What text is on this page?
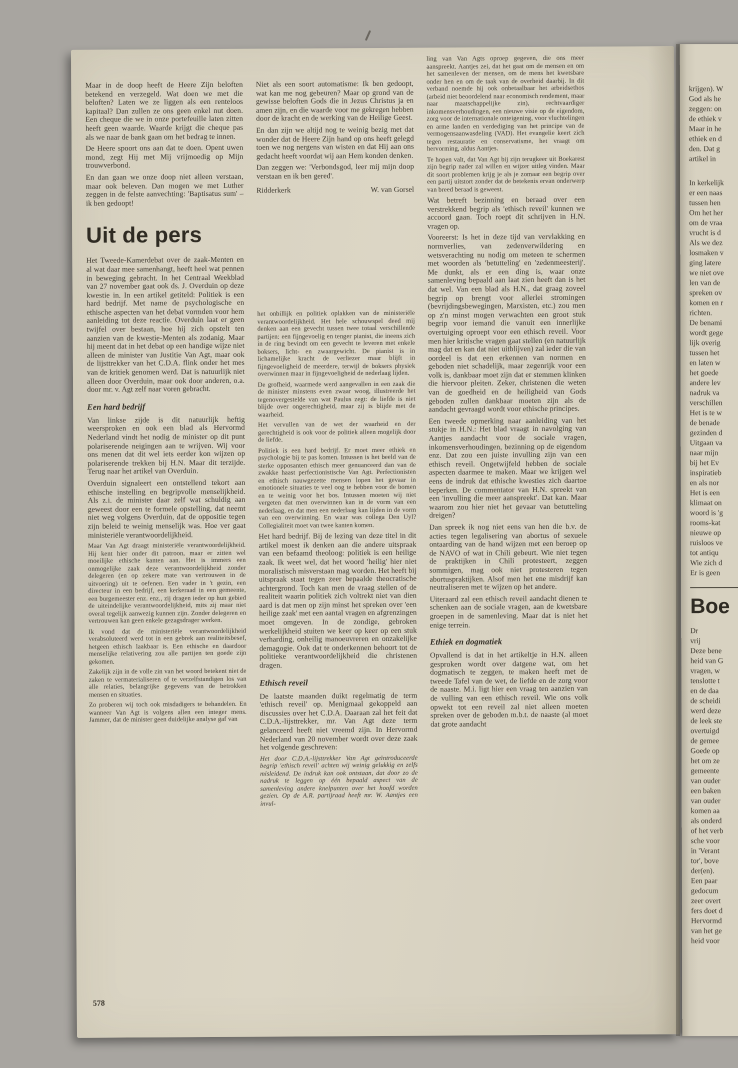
Maar in de doop heeft de Heere Zijn beloften betekend en verzegeld. Wat doen we met die beloften? Laten we ze liggen als een renteloos kapitaal? Dan zullen ze ons geen enkel nut doen. Een cheque die we in onze portefeuille laten zitten heeft geen waarde. Waarde krijgt die cheque pas als we naar de bank gaan om het bedrag te innen.

De Heere spoort ons aan dat te doen. Opent uwen mond, zegt Hij met Mij vrijmoedig op Mijn trouwverbond.

En dan gaan we onze doop niet alleen verstaan, maar ook beleven. Dan mogen we met Luther zeggen in de felste aanvechting: 'Baptisatus sum' – ik ben gedoopt!

Uit de pers

Het Tweede-Kamerdebat over de zaak-Menten en al wat daar mee samenhangt, heeft heel wat pennen in beweging gebracht. In het Centraal Weekblad van 27 november gaat ook ds. J. Overduin op deze kwestie in. In een artikel getiteld: Politiek is een hard bedrijf. Met name de psychologische en ethische aspecten van het debat vormden voor hem aanleiding tot deze reactie. Overduin laat er geen twijfel over bestaan, hoe hij zich opstelt ten aanzien van de kwestie-Menten als zodanig. Maar hij meent dat in het debat op een handige wijze niet alleen de minister van Justitie Van Agt, maar ook de lijsttrekker van het C.D.A. flink onder het mes van de kritiek genomen werd. Dat is natuurlijk niet alleen door Overduin, maar ook door anderen, o.a. door mr. v. Agt zelf naar voren gebracht.

Een hard bedrijf

Van linkse zijde is dit natuurlijk heftig weersproken en ook een blad als Hervormd Nederland vindt het nodig de minister op dit punt polariserende neigingen aan te wrijven. Wij voor ons menen dat dit wel iets eerder kon wijzen op polariserende trekken bij H.N. Maar dit terzijde. Terug naar het artikel van Overduin.

Overduin signaleert een ontstellend tekort aan ethische instelling en begripvolle menselijkheid. Als z.i. de minister daar zelf wat schuldig aan geweest door een te formele opstelling, dat neemt niet weg volgens Overduin, dat de oppositie tegen zijn beleid te weinig menselijk was. Hoe ver gaat ministeriële verantwoordelijkheid.

Maar Van Agt draagt ministeriële verantwoordelijkheid. Hij kent hier onder dit patroon, maar er zitten wel moeilijke ethische kanten aan. Het is immers een onmogelijke zaak deze verantwoordelijkheid zonder delegeren (en op zekere mate van vertrouwen in de uitvoering) uit te oefenen. Een vader in 't gezin, een directeur in een bedrijf, een kerkeraad in een gemeente, een burgemeester enz. enz., zij dragen ieder op hun gebied de uiteindelijke verantwoordelijkheid, mits zij maar niet overal tegelijk aanwezig kunnen zijn. Zonder delegeren en vertrouwen kan geen enkele gezagsdrager werken.

Ik vond dat de ministeriële verantwoordelijkheid verabsoluteerd werd tot in een gebrek aan realiteitsbesef, hetgeen ethisch laakbaar is. Een ethische en daardoor menselijke relativering zou alle partijen ten goede zijn gekomen.

Zakelijk zijn in de volle zin van het woord betekent niet de zaken te vermaterialiseren of te verzelfstandigen los van alle relaties, belangrijke gegevens van de betrokken mensen en situaties.

Zo proberen wij toch ook misdadigers te behandelen. En wanneer Van Agt is volgens allen een integer mens. Jammer, dat de minister geen duidelijke analyse gaf van

Niet als een soort automatisme: Ik ben gedoopt, wat kan me nog gebeuren? Maar op grond van de gewisse beloften Gods die in Jezus Christus ja en amen zijn, en die waarde voor me gekregen hebben door de kracht en de werking van de Heilige Geest.

En dan zijn we altijd nog te weinig bezig met dat wonder dat de Heere Zijn hand op ons heeft gelegd toen we nog nergens van wisten en dat Hij aan ons gedacht heeft voordat wij aan Hem konden denken.

Dan zeggen we: 'Verbondsgod, leer mij mijn doop verstaan en ik ben gered'.

Ridderkerk	W. van Gorsel

het onbillijk en politiek oplakken van de ministeriële verantwoordelijkheid. Het hele schouwspel deed mij denken aan een gevecht tussen twee totaal verschillende partijen: een fijngevoelig en tenger pianist, die ineens zich in de ring bevindt om een gevecht te leveren met enkele boksers, licht- en zwaargewicht. De pianist is in lichamelijke kracht de verliezer maar blijft in fijngevoeligheid de meerdere, terwijl de boksers physiek overwinnen maar in fijngevoeligheid de nederlaag lijden.

De grofheid, waarmede werd aangevallen in een zaak die de minister minstens even zwaar woog, illustreerde het tegenovergestelde van wat Paulus zegt: de liefde is niet blijde over ongerechtigheid, maar zij is blijde met de waarheid.

Het vervullen van de wet der waarheid en der gerechtigheid is ook voor de politiek alleen mogelijk door de liefde.

Politiek is een hard bedrijf. Er moet meer ethiek en psychologie bij te pas komen. Intussen is het beeld van de sterke opposanten ethisch meer genuanceerd dan van de zwakke haast perfectionistische Van Agt. Perfectionisten en ethisch nauwgezette mensen lopen het gevaar in emotionele situaties te veel oog te hebben voor de bomen en te weinig voor het bos. Intussen moeten wij niet vergeten dat men overwinnen kan in de vorm van een nederlaag, en dat men een nederlaag kan lijden in de vorm van een overwinning. En waar was collega Den Uyl? Collegialiteit moet van twee kanten komen.

Het hard bedrijf. Bij de lezing van deze titel in dit artikel moest ik denken aan die andere uitspraak van een befaamd theoloog: politiek is een heilige zaak. Ik weet wel, dat het woord 'heilig' hier niet moralistisch misverstaan mag worden. Het heeft bij uitspraak staat tegen zeer bepaalde theocratische achtergrond. Toch kan men de vraag stellen of de realiteit waarin politiek zich voltrekt niet van dien aard is dat men op zijn minst het spreken over 'een heilige zaak' met een aantal vragen en afgrenzingen moet omgeven. In de zondige, gebroken werkelijkheid stuiten we keer op keer op een stuk verharding, onheilig manoeuvreren en onzakelijke demagogie. Ook dat te onderkennen behoort tot de politieke verantwoordelijkheid die christenen dragen.

Ethisch reveil

De laatste maanden duikt regelmatig de term 'ethisch reveil' op. Menigmaal gekoppeld aan discussies over het C.D.A. Daaraan zal het feit dat C.D.A.-lijsttrekker, mr. Van Agt deze term gelanceerd heeft niet vreemd zijn. In Hervormd Nederland van 20 november wordt over deze zaak het volgende geschreven:

Het door C.D.A.-lijsttrekker Van Agt geïntroduceerde begrip 'ethisch reveil' achten wij weinig gelukkig en zelfs misleidend. De indruk kan ook ontstaan, dat door zo de nadruk te leggen op één bepaald aspect van de samenleving andere knelpunten over het hoofd worden gezien. Op de A.R. partijraad heeft mr. W. Aantjes een invul-

ling van Van Agts oproep gegeven, die ons meer aanspreekt. Aantjes zei, dat het gaat om de mensen en om het samenleven der mensen, om de mens het kwetsbare onder hen en om de taak van de overheid daarbij. In dit verband noemde hij ook onbetaalbaar het arbeidsethos (arbeid niet beoordelend naar economisch rendement, maar naar maatschappelijke zin), rechtvaardiger inkomensverhoudingen, een nieuwe visie op de eigendom, zorg voor de internationale onteigening, voor vluchtelingen en arme landen en verdediging van het principe van de vermogensaanwasdeling (VAD). Het evangelie keert zich tegen restauratie en conservatisme, het vraagt om hervorming, aldus Aantjes.

Te hopen valt, dat Van Agt bij zijn terugkeer uit Boekarest zijn begrip nader zal willen en wijzer uitleg vinden. Maar dit soort problemen krijg je als je zomaar een begrip over een partij uitstort zonder dat de betekenis ervan onderwerp van breed beraad is geweest.

Wat betreft bezinning en beraad over een verstrekkend begrip als 'ethisch reveil' kunnen we accoord gaan. Toch roept dit schrijven in H.N. vragen op.

Vooreerst: Is het in deze tijd van vervlakking en normverlies, van zedenverwildering en wetsverachting nu nodig om meteen te schermen met woorden als 'betutteling' en 'zedenmeesterij'. Me dunkt, als er een ding is, waar onze samenleving bepaald aan laat zien heeft dan is het dat wel. Van een blad als H.N., dat graag zoveel begrip op brengt voor allerlei stromingen (bevrijdingsbewegingen, Marxisten, etc.) zou men op z'n minst mogen verwachten een groot stuk begrip voor iemand die vanuit een innerlijke overtuiging oproept voor een ethisch reveil. Voor men hier kritische vragen gaat stellen (en natuurlijk mag dat en kan dat niet uitblijven) zal ieder die van oordeel is dat een erkennen van normen en geboden niet schadelijk, maar zegenrijk voor een volk is, dankbaar moet zijn dat er stemmen klinken die hiervoor pleiten. Zeker, christenen die weten van de goedheid en de heiligheid van Gods geboden zullen dankbaar moeten zijn als de aandacht gevraagd wordt voor ethische principes.

Een tweede opmerking naar aanleiding van het stukje in H.N.: Het blad vraagt in navolging van Aantjes aandacht voor de sociale vragen, inkomensverhoudingen, bezinning op de eigendom enz. Dat zou een juiste invulling zijn van een ethisch reveil. Ongetwijfeld hebben de sociale aspecten daarmee te maken. Maar we krijgen wel eens de indruk dat ethische kwesties zich daartoe beperken. De commentator van H.N. spreekt van een 'invulling die meer aanspreekt'. Dat kan. Maar waarom zou hier niet het gevaar van betutteling dreigen?

Dan spreek ik nog niet eens van hen die b.v. de acties tegen legalisering van abortus of sexuele ontaarding van de hand wijzen met een beroep op de NAVO of wat in Chili gebeurt. Wie niet tegen de praktijken in Chili protesteert, zeggen sommigen, mag ook niet protesteren tegen abortuspraktijken. Alsof men het ene misdrijf kan neutraliseren met te wijzen op het andere.

Uiteraard zal een ethisch reveil aandacht dienen te schenken aan de sociale vragen, aan de kwetsbare groepen in de samenleving. Maar dat is niet het enige terrein.

Ethiek en dogmatiek

Opvallend is dat in het artikeltje in H.N. alleen gesproken wordt over datgene wat, om het dogmatisch te zeggen, te maken heeft met de tweede Tafel van de wet, de liefde en de zorg voor de naaste. M.i. ligt hier een vraag ten aanzien van de vulling van een ethisch reveil. Wie ons volk opwekt tot een reveil zal niet alleen moeten spreken over de geboden m.b.t. de naaste (al moet dat grote aandacht

578

krijgen). W

God als he

zeggen: on

de ethiek v

Maar in he

ethiek en d

den. Dat g

artikel in

In kerkelijk

er een naas

tussen hen

Om het her

om de vraa

vrucht is d

Als we dez

losmaken v

ging latere

we niet ove

len van de

spreken ov

komen en r

richten.

De benami

wordt gege

lijk overig

tussen het

en laten w

het goede

andere lev

nadruk va

verschillen

Het is te w

de benade

gezinden d

Uitgaan va

naar mijn

bij het Ev

inspiratieb

en als nor

Het is een

klimaat on

woord is 'g

rooms-kat

nieuwe op

ruisloos ve

tot antiqu

Wie zich d

Er is geen

Boe

Dr

vrij

Deze bene

heid van G

vragen, w

tenslotte t

en de daa

de scheidi

werd deze

de leek ste

overtuigd

de gemee

Goede op

het om ze

gemeente

van ouder

een baken

van ouder

komen aa

als onderd

of het verb

sche voor

in 'Verant

tor', bove

der(en).

Een paar

gedocum

zeer overt

fers doet d

Hervormd

van het ge

heid voor
